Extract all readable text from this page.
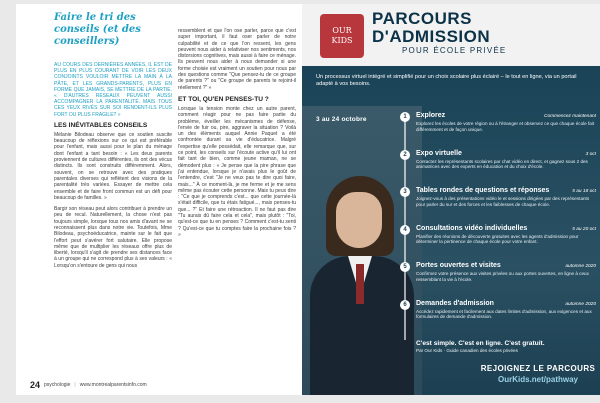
Faire le tri des
conseils (et des
conseillers)

AU COURS DES DERNIÈRES ANNÉES, IL EST DE PLUS EN PLUS COURANT DE VOIR LES DEUX CONJOINTS VOULOIR METTRE LA MAIN À LA PÂTE, ET LES GRANDS-PARENTS, PLUS EN FORME QUE JAMAIS, SE METTRE DE LA PARTIE. « D'AUTRES RÉSEAUX PEUVENT AUSSI ACCOMPAGNER LA PARENTALITÉ. MAIS TOUS CES YEUX RIVÉS SUR SOI RENDENT-ILS PLUS FORT OU PLUS FRAGILE? »

LES INÉVITABLES CONSEILS

Mélanie Bilodeau observe que ce soutien suscite beaucoup de réflexions sur ce qui est préférable pour l'enfant, mais aussi pour le plan du ménage dont l'enfant a tant besoin : « Les deux parents proviennent de cultures différentes, ils ont des vécus distincts. Ils sont construits différemment. Alors, souvent, on se retrouve avec des pratiques parentales diverses qui reflètent des visions de la parentalité très variées. Essayer de mettre cela ensemble et de faire front commun est un défi pour beaucoup de familles. »

Bargir son réseau peut alors contribuer à prendre un peu de recul. Naturellement, la chose n'est pas toujours simple, lorsque tous nos amis d'avant ne se reconnaissent plus dans notre vie. Toutefois, Mme Bilodeau, psychoéducatrice, mainte sur le fait que l'effort peut s'avérer fort salutaire. Elle propose même que de multiplier les réseaux offre plus de liberté, lorsqu'il s'agit de prendre ses distances face à un groupe qui ne correspond plus à ses valeurs : « Lorsqu'on s'entoure de gens qui nous

ressemblent et que l'on ose parler, parce que c'est super important, il faut oser parler de notre culpabilité et de ce que l'on ressent, les gens peuvent nous aider à relativiser nos sentiments, nos distorsions cognitives, mais aussi à faire ce ménage. Ils peuvent nous aider à nous demander si une forme choisie est vraiment un soutien pour nous par des questions comme "Que pensez-tu de ce groupe de parents ?" ou "Ce groupe de parents te rejoint-il réellement ?" »

ET TOI, QU'EN PENSES-TU ?

Lorsque la tension monte chez un autre parent, comment réagir pour ne pas faire partie du problème, éveiller les mécanismes de défense, l'envie de fuir ou, pire, aggraver la situation ? Voilà un des éléments auquel Annie Paquet a été confrontée durant sa vie d'éducatrice. Malgré l'expertise qu'elle possédait, elle remarque que, sur ce point, les conseils sur l'écoute active qu'il lui ont fait tant de bien, comme jeune maman, ne se démodent plus : « Je pense que la pire phrase que j'ai entendue, lorsque je n'avais plus le goût de l'entendre, c'est "Je ne veux pas te dire quoi faire, mais..." À ce moment-là, je me ferme et je me sens même pas écouter cette personne. Mais tu peux dire : "Ce que je comprends c'est... que cette journée-là s'était difficile, que tu étais fatigué..., mais penses-tu que... ?" Et faire une rétroaction. Il ne faut pas dire "Tu aurais dû faire cela et cela", mais plutôt : "Toi, qu'est-ce que tu en penses ? Comment c'est-tu senti ? Qu'est-ce que tu comptes faire la prochaine fois ? »

24 psychologie | www.montrealparentsinfo.com
OUR
KIDS
PARCOURS
D'ADMISSION
POUR ÉCOLE PRIVÉE

Un processus virtuel intégré et simplifié pour un choix scolaire plus éclairé – le tout en ligne, via un portail adapté à vos besoins.

3 au 24 octobre	1	Explorez	Commencez maintenant
Explorez les écoles de votre région ou à l'étranger et observez ce que chaque école fait différemment et de façon unique.
2	Expo virtuelle	3 oct
Contactez les représentants scolaires par chat vidéo en direct, et gagnez sous 2 des animatrices avec des experts en éducation et du choix d'école.
3	Tables rondes de questions et réponses	5 au 18 oct
Joignez-vous à des présentations vidéo le et sessions dirigées par des représentants pour parler du sur et des forces et les faiblesses de chaque école.
4	Consultations vidéo individuelles	5 au 20 oct
Planifier des réunions de découverte gratuites avec les agents d'admission pour déterminer la pertinence de chaque école pour votre enfant.
5	Portes ouvertes et visites	automne 2020
Confirmez votre présence aux visites privées ou aux portes ouvertes, en ligne à ceux ressemblant la vie à l'école.
6	Demandes d'admission	automne 2020
Accédez rapidement et facilement aux dates limites d'admission, aux exigences et aux formulaires de demande d'admission.
C'est simple. C'est en ligne. C'est gratuit.
Par Our Kids · Guide canadien des écoles privées
REJOIGNEZ LE PARCOURS
OurKids.net/pathway
